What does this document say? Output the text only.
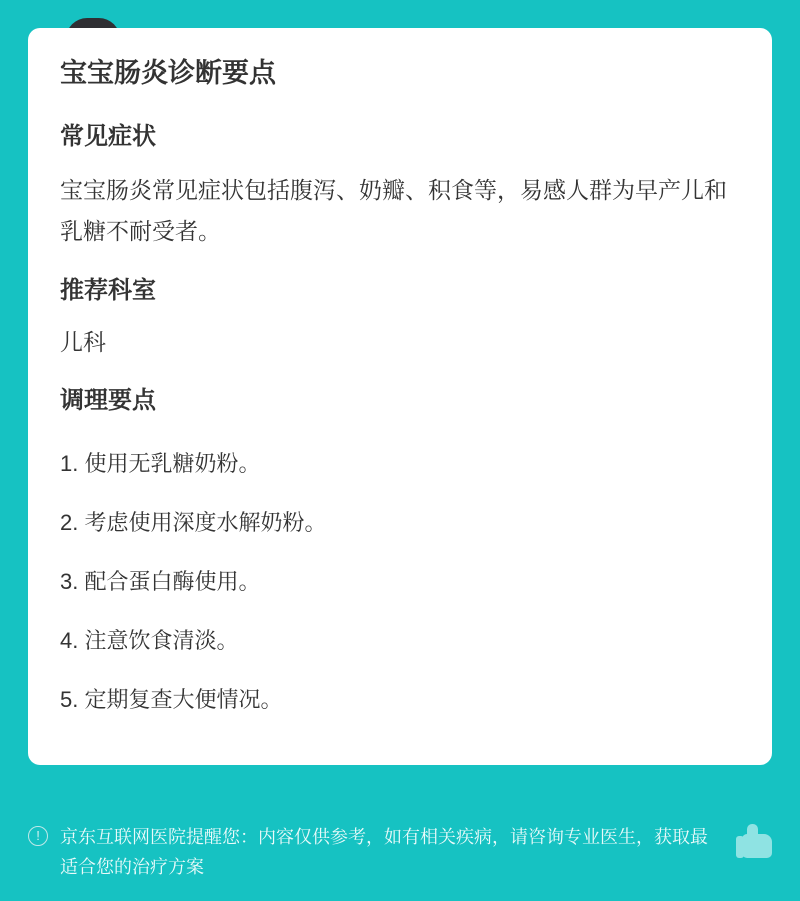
宝宝肠炎诊断要点
常见症状

宝宝肠炎常见症状包括腹泻、奶瓣、积食等，易感人群为早产儿和乳糖不耐受者。

推荐科室

儿科

调理要点
1. 使用无乳糖奶粉。
2. 考虑使用深度水解奶粉。
3. 配合蛋白酶使用。
4. 注意饮食清淡。
5. 定期复查大便情况。
!	京东互联网医院提醒您：内容仅供参考，如有相关疾病，请咨询专业医生，获取最适合您的治疗方案
